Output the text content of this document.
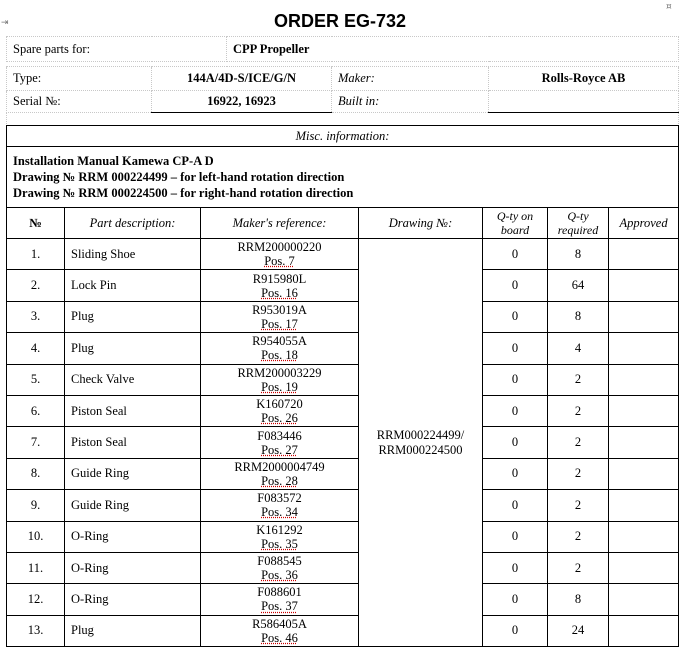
⇥
¤
ORDER EG-732
Spare parts for:		CPP Propeller		

Type:	144A/4D-S/ICE/G/N		Maker:	Rolls-Royce AB
Serial №:	16922, 16923		Built in:	

Misc. information:						

Installation Manual Kamewa CP-A D
Drawing № RRM 000224499 – for left-hand rotation direction
Drawing № RRM 000224500 – for right-hand rotation direction						

№	Part description:	Maker's reference:	Drawing №:	Q-ty on board	Q-ty required	Approved
1.	Sliding Shoe	RRM200000220
Pos. 7	RRM000224499/ RRM000224500	0	8	
2.	Lock Pin	R915980L
Pos. 16		0	64	
3.	Plug	R953019A
Pos. 17		0	8	
4.	Plug	R954055A
Pos. 18		0	4	
5.	Check Valve	RRM200003229
Pos. 19		0	2	
6.	Piston Seal	K160720
Pos. 26		0	2	
7.	Piston Seal	F083446
Pos. 27		0	2	
8.	Guide Ring	RRM2000004749
Pos. 28		0	2	
9.	Guide Ring	F083572
Pos. 34		0	2	
10.	O-Ring	K161292
Pos. 35		0	2	
11.	O-Ring	F088545
Pos. 36		0	2	
12.	O-Ring	F088601
Pos. 37		0	8	
13.	Plug	R586405A
Pos. 46		0	24	
